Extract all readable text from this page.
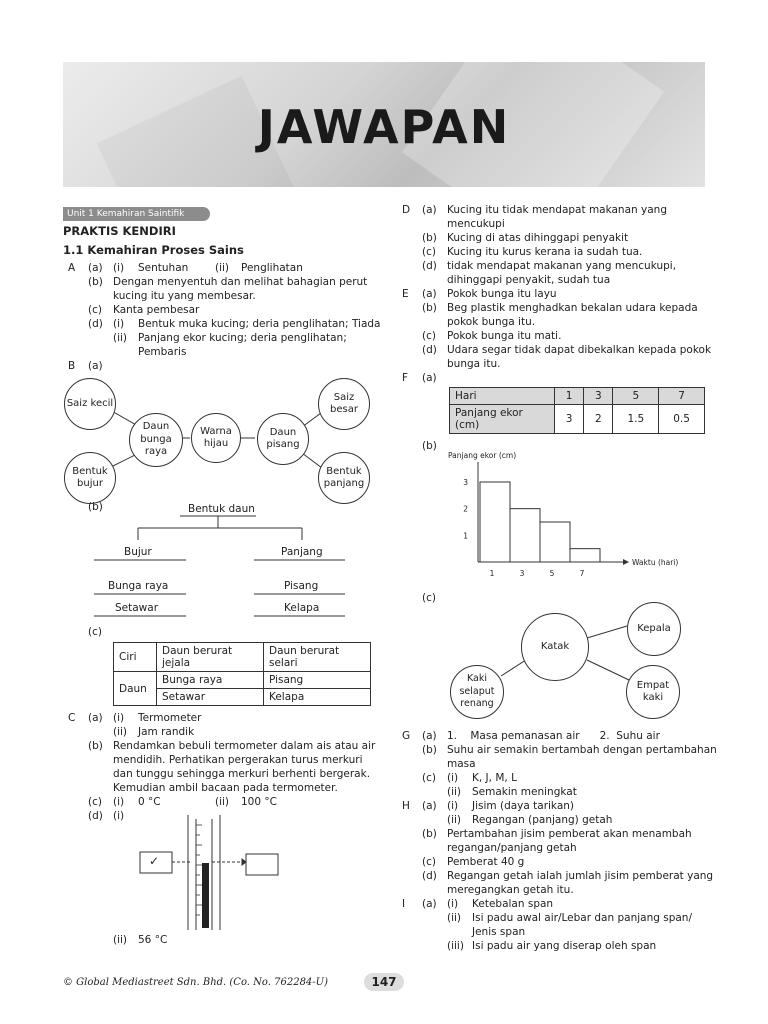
JAWAPAN
Unit 1 Kemahiran Saintifik
PRAKTIS KENDIRI
1.1 Kemahiran Proses Sains
A (a) (i) Sentuhan	(ii) Penglihatan
(b) Dengan menyentuh dan melihat bahagian perut
kucing itu yang membesar.
(c) Kanta pembesar
(d) (i) Bentuk muka kucing; deria penglihatan; Tiada
(ii) Panjang ekor kucing; deria penglihatan;
Pembaris
B (a)
Saiz kecil
Daun bunga raya
Warna hijau
Daun pisang
Saiz besar
Bentuk bujur
Bentuk panjang
(b)	Bentuk daun
Bujur	Panjang
Bunga raya
Setawar
Pisang
Kelapa
(c)
Ciri	Daun berurat jejala	Daun berurat selari
Daun	Bunga raya	Pisang
	Setawar	Kelapa
C (a) (i) Termometer
(ii) Jam randik
(b) Rendamkan bebuli termometer dalam ais atau air
mendidih. Perhatikan pergerakan turus merkuri
dan tunggu sehingga merkuri berhenti bergerak.
Kemudian ambil bacaan pada termometer.
(c) (i) 0 °C	(ii) 100 °C
(d) (i)
✓
(ii) 56 °C
D (a) Kucing itu tidak mendapat makanan yang
mencukupi
(b) Kucing di atas dihinggapi penyakit
(c) Kucing itu kurus kerana ia sudah tua.
(d) tidak mendapat makanan yang mencukupi,
dihinggapi penyakit, sudah tua
E (a) Pokok bunga itu layu
(b) Beg plastik menghadkan bekalan udara kepada
pokok bunga itu.
(c) Pokok bunga itu mati.
(d) Udara segar tidak dapat dibekalkan kepada pokok
bunga itu.
F (a)
Hari	1	3	5	7
Panjang ekor (cm)	3	2	1.5	0.5
(b)
Panjang ekor (cm)
Waktu (hari)
1
2
3
1	3	5	7
(c)
Katak
Kepala
Kaki selaput renang
Empat kaki
G (a) 1.    Masa pemanasan air      2.  Suhu air
(b) Suhu air semakin bertambah dengan pertambahan
masa
(c) (i) K, J, M, L
(ii) Semakin meningkat
H (a) (i) Jisim (daya tarikan)
(ii) Regangan (panjang) getah
(b) Pertambahan jisim pemberat akan menambah
regangan/panjang getah
(c) Pemberat 40 g
(d) Regangan getah ialah jumlah jisim pemberat yang
meregangkan getah itu.
I (a) (i) Ketebalan span
(ii) Isi padu awal air/Lebar dan panjang span/
Jenis span
(iii) Isi padu air yang diserap oleh span
© Global Mediastreet Sdn. Bhd. (Co. No. 762284-U)	147
